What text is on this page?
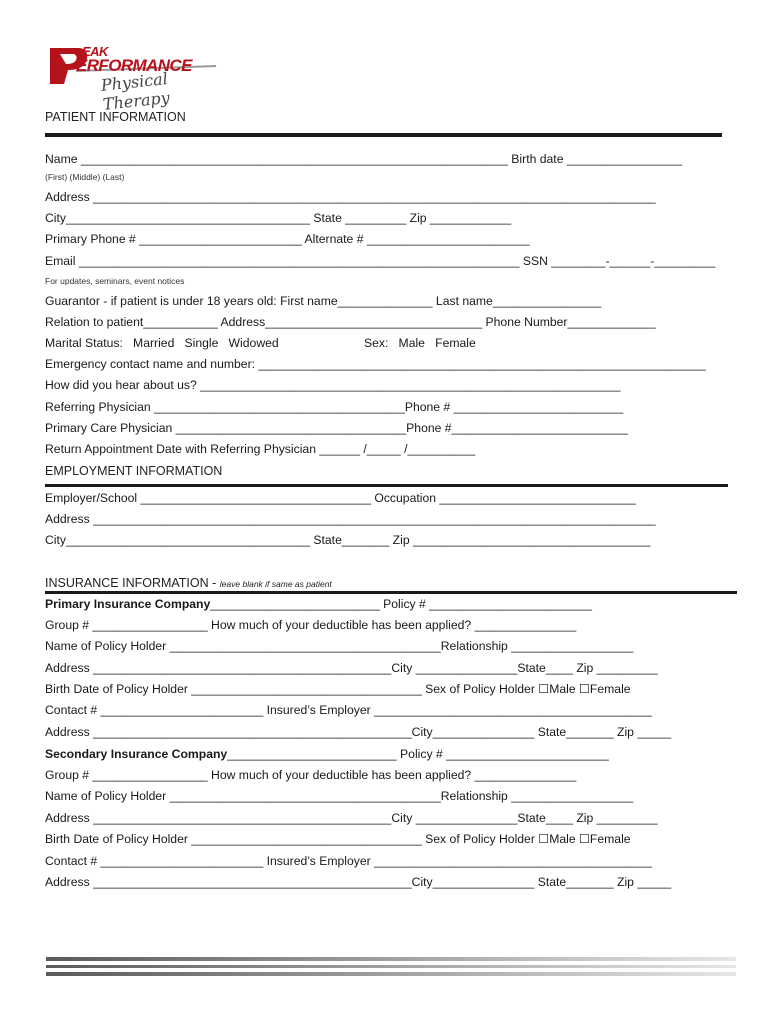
EAK
ERFORMANCE
Physical Therapy
PATIENT INFORMATION
Name _______________________________________________________________ Birth date _________________
(First) (Middle) (Last)
Address ___________________________________________________________________________________
City____________________________________ State _________ Zip ____________
Primary Phone # ________________________ Alternate # ________________________
Email _________________________________________________________________ SSN ________-______-_________
For updates, seminars, event notices
Guarantor - if patient is under 18 years old: First name______________ Last name________________
Relation to patient___________ Address________________________________ Phone Number_____________
Marital Status:   Married   Single   Widowed	Sex:   Male   Female
Emergency contact name and number: __________________________________________________________________
How did you hear about us? ______________________________________________________________
Referring Physician _____________________________________Phone # _________________________
Primary Care Physician __________________________________Phone #__________________________
Return Appointment Date with Referring Physician ______ /_____ /__________
EMPLOYMENT INFORMATION
Employer/School __________________________________ Occupation _____________________________
Address ___________________________________________________________________________________
City____________________________________ State_______ Zip ___________________________________
INSURANCE INFORMATION - leave blank if same as patient
Primary Insurance Company_________________________ Policy # ________________________
Group # _________________ How much of your deductible has been applied? _______________
Name of Policy Holder ________________________________________Relationship __________________
Address ____________________________________________City _______________State____ Zip _________
Birth Date of Policy Holder __________________________________ Sex of Policy Holder ☐Male ☐Female
Contact # ________________________ Insured’s Employer _________________________________________
Address _______________________________________________City_______________ State_______ Zip _____
Secondary Insurance Company_________________________ Policy # ________________________
Group # _________________ How much of your deductible has been applied? _______________
Name of Policy Holder ________________________________________Relationship __________________
Address ____________________________________________City _______________State____ Zip _________
Birth Date of Policy Holder __________________________________ Sex of Policy Holder ☐Male ☐Female
Contact # ________________________ Insured’s Employer _________________________________________
Address _______________________________________________City_______________ State_______ Zip _____
